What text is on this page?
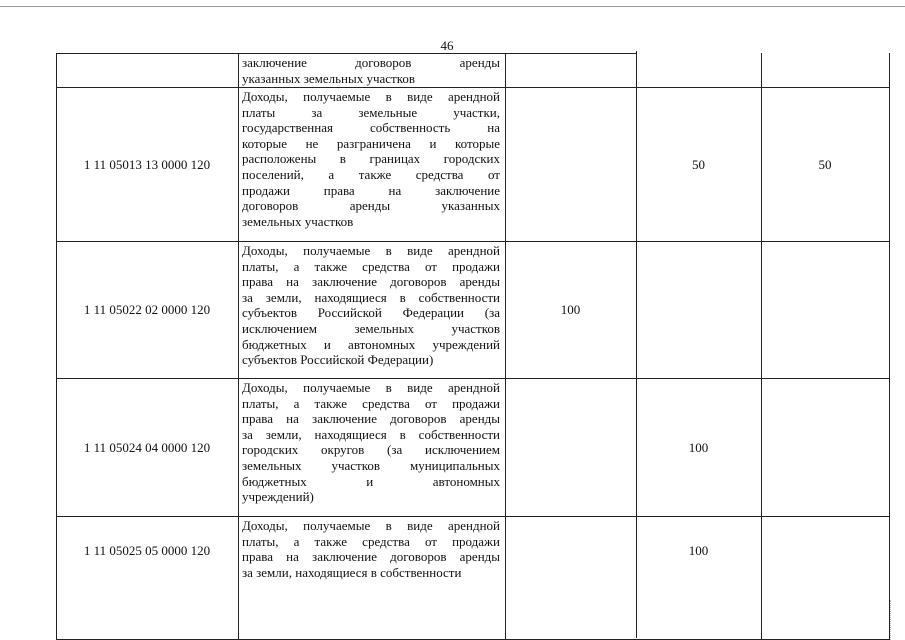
46
заключение договоров аренды
указанных земельных участков
1 11 05013 13 0000 120
Доходы, получаемые в виде арендной
платы за земельные участки,
государственная собственность на
которые не разграничена и которые
расположены в границах городских
поселений, а также средства от
продажи права на заключение
договоров аренды указанных
земельных участков
50	50
1 11 05022 02 0000 120
Доходы, получаемые в виде арендной
платы, а также средства от продажи
права на заключение договоров аренды
за земли, находящиеся в собственности
субъектов Российской Федерации (за
исключением земельных участков
бюджетных и автономных учреждений
субъектов Российской Федерации)
100
1 11 05024 04 0000 120
Доходы, получаемые в виде арендной
платы, а также средства от продажи
права на заключение договоров аренды
за земли, находящиеся в собственности
городских округов (за исключением
земельных участков муниципальных
бюджетных и автономных
учреждений)
100
1 11 05025 05 0000 120
Доходы, получаемые в виде арендной
платы, а также средства от продажи
права на заключение договоров аренды
за земли, находящиеся в собственности
100
